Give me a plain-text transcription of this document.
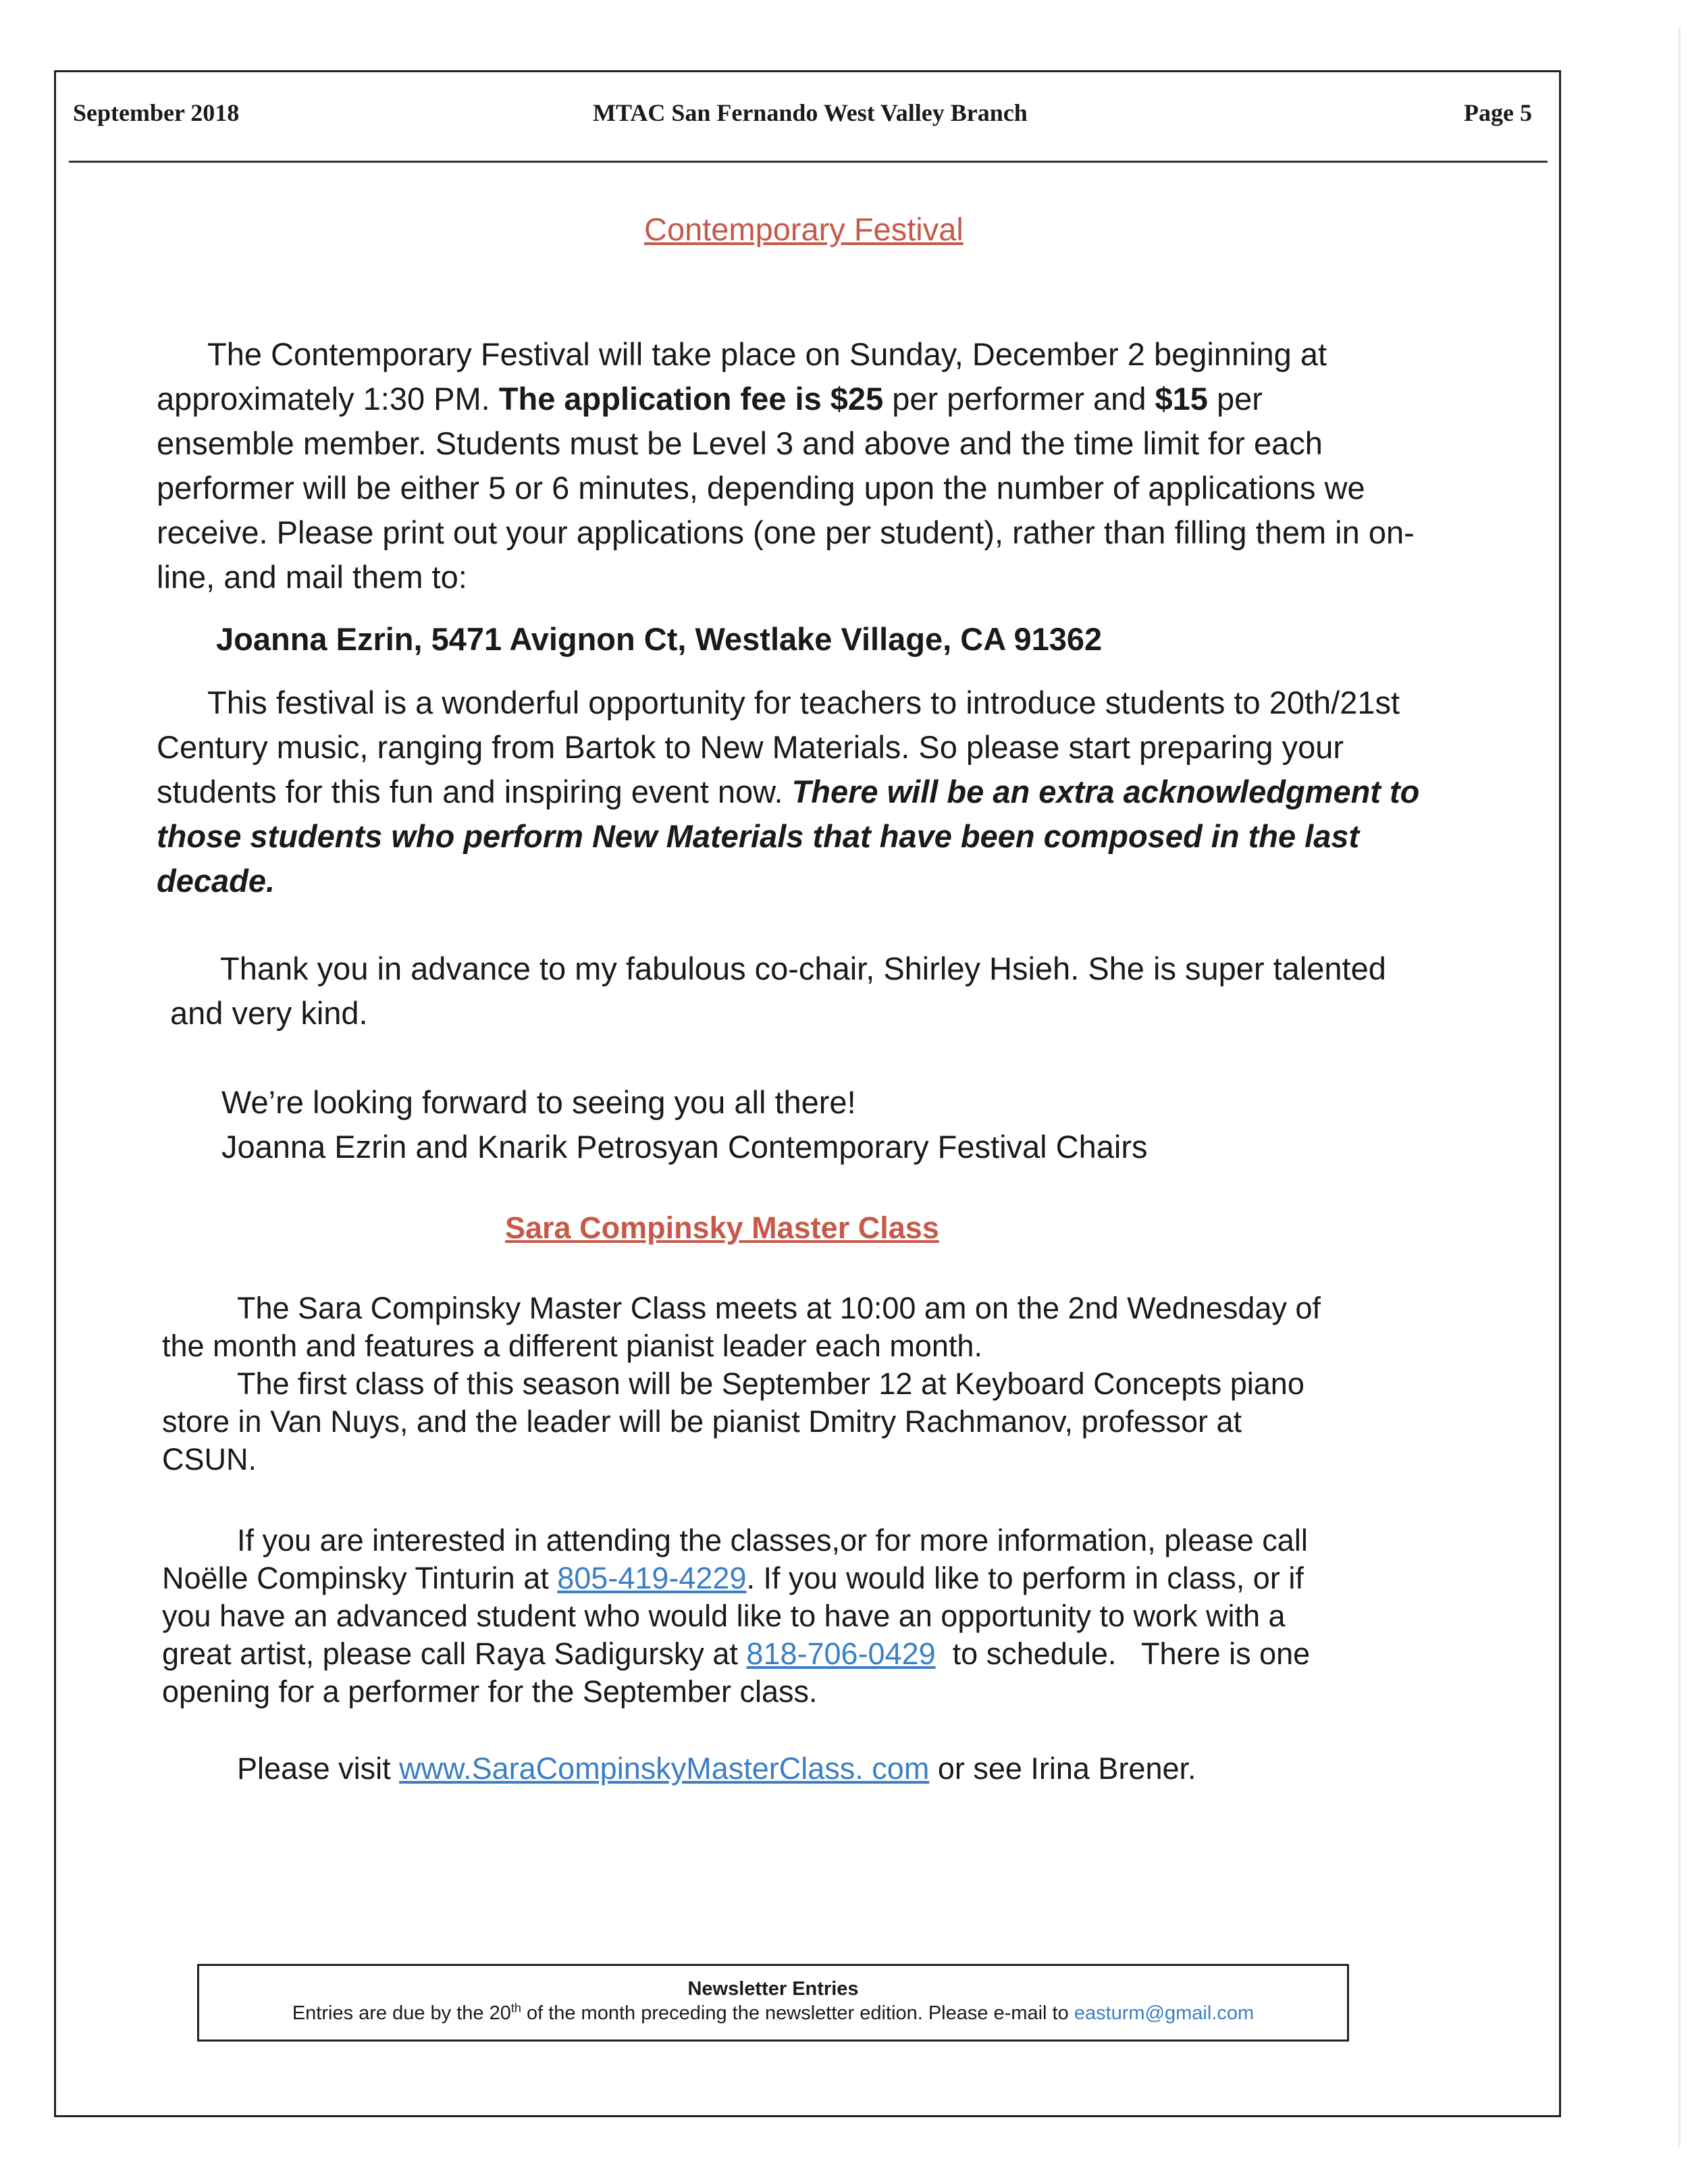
September 2018	MTAC San Fernando West Valley Branch	Page 5
Contemporary Festival
The Contemporary Festival will take place on Sunday, December 2 beginning at
approximately 1:30 PM. The application fee is $25 per performer and $15 per
ensemble member. Students must be Level 3 and above and the time limit for each
performer will be either 5 or 6 minutes, depending upon the number of applications we
receive. Please print out your applications (one per student), rather than filling them in on-
line, and mail them to:
Joanna Ezrin, 5471 Avignon Ct, Westlake Village, CA 91362
This festival is a wonderful opportunity for teachers to introduce students to 20th/21st
Century music, ranging from Bartok to New Materials. So please start preparing your
students for this fun and inspiring event now. There will be an extra acknowledgment to
those students who perform New Materials that have been composed in the last
decade.
Thank you in advance to my fabulous co-chair, Shirley Hsieh. She is super talented
and very kind.
We’re looking forward to seeing you all there!
Joanna Ezrin and Knarik Petrosyan Contemporary Festival Chairs
Sara Compinsky Master Class
The Sara Compinsky Master Class meets at 10:00 am on the 2nd Wednesday of
the month and features a different pianist leader each month.
The first class of this season will be September 12 at Keyboard Concepts piano
store in Van Nuys, and the leader will be pianist Dmitry Rachmanov, professor at
CSUN.
If you are interested in attending the classes,or for more information, please call
Noëlle Compinsky Tinturin at 805-419-4229. If you would like to perform in class, or if
you have an advanced student who would like to have an opportunity to work with a
great artist, please call Raya Sadigursky at 818-706-0429  to schedule.   There is one
opening for a performer for the September class.
Please visit www.SaraCompinskyMasterClass. com or see Irina Brener.
Newsletter Entries
Entries are due by the 20th of the month preceding the newsletter edition. Please e-mail to easturm@gmail.com
